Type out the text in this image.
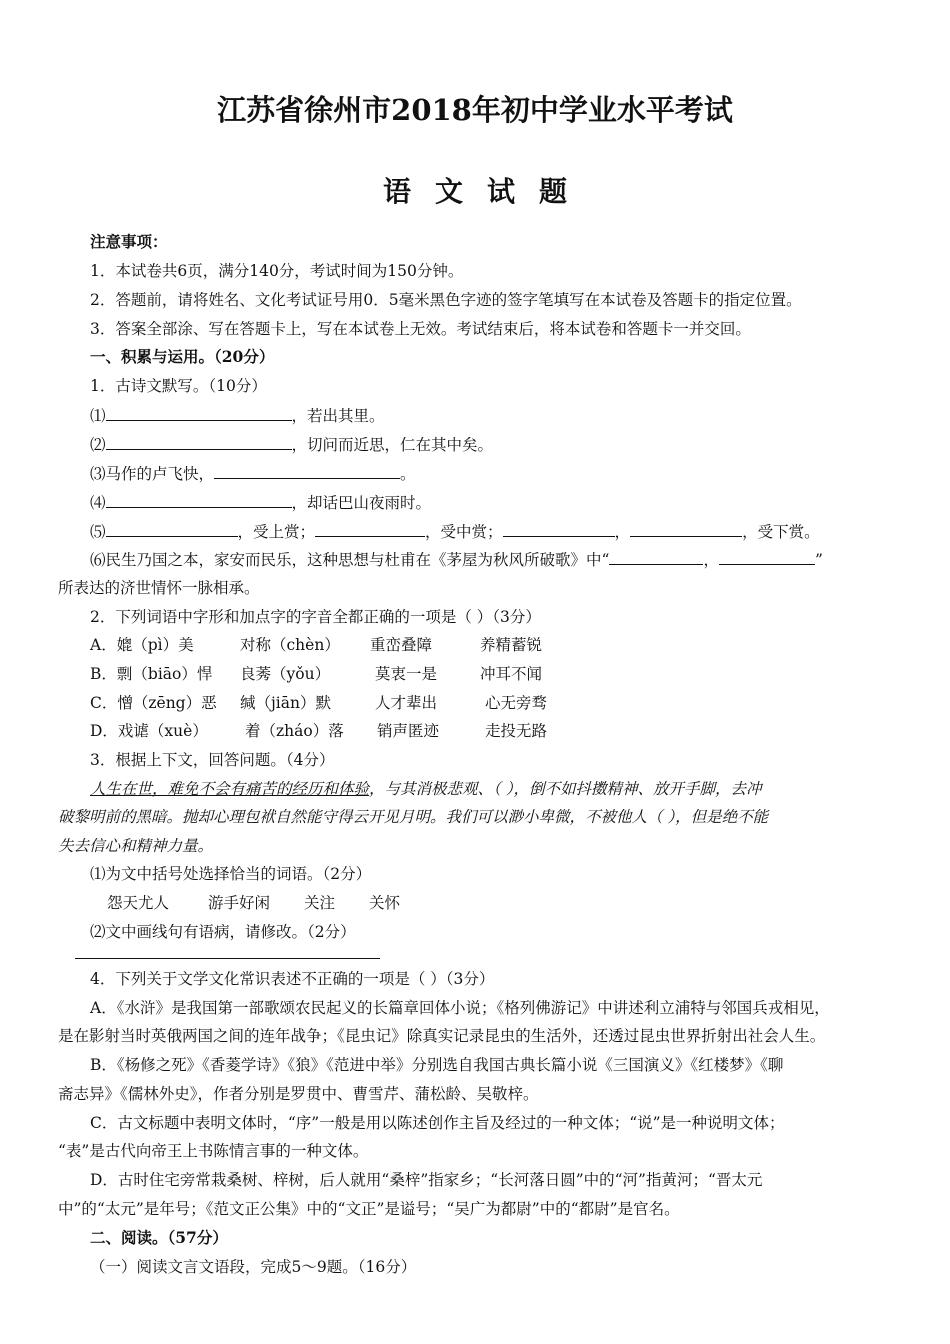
江苏省徐州市2018年初中学业水平考试
语文试题
注意事项：
1．本试卷共6页，满分140分，考试时间为150分钟。
2．答题前，请将姓名、文化考试证号用0．5毫米黑色字迹的签字笔填写在本试卷及答题卡的指定位置。
3．答案全部涂、写在答题卡上，写在本试卷上无效。考试结束后，将本试卷和答题卡一并交回。
一、积累与运用。（20分）
1．古诗文默写。（10分）
⑴	，若出其里。
⑵	，切问而近思，仁在其中矣。
⑶马作的卢飞快，	。
⑷	，却话巴山夜雨时。
⑸	，受上赏；	，受中赏；	，	，受下赏。
⑹民生乃国之本，家安而民乐，这种思想与杜甫在《茅屋为秋风所破歌》中“	，	”
所表达的济世情怀一脉相承。
2．下列词语中字形和加点字的字音全都正确的一项是（ ）（3分）
A．媲（pì）美	对称（chèn） 重峦叠障	养精蓄锐
B．剽（biāo）悍 良莠（yǒu）	莫衷一是	冲耳不闻
C．憎（zēng）恶 缄（jiān）默	人才辈出	心无旁骛
D．戏谑（xuè） 着（zháo）落 销声匿迹	走投无路
3．根据上下文，回答问题。（4分）
人生在世，难免不会有痛苦的经历和体验，与其消极悲观、（ ），倒不如抖擞精神、放开手脚，去冲
破黎明前的黑暗。抛却心理包袱自然能守得云开见月明。我们可以渺小卑微，不被他人（ ），但是绝不能
失去信心和精神力量。
⑴为文中括号处选择恰当的词语。（2分）
怨天尤人	游手好闲 关注 关怀
⑵文中画线句有语病，请修改。（2分）
4．下列关于文学文化常识表述不正确的一项是（ ）（3分）
A．《水浒》是我国第一部歌颂农民起义的长篇章回体小说；《格列佛游记》中讲述利立浦特与邻国兵戎相见，
是在影射当时英俄两国之间的连年战争；《昆虫记》除真实记录昆虫的生活外，还透过昆虫世界折射出社会人生。
B．《杨修之死》《香菱学诗》《狼》《范进中举》分别选自我国古典长篇小说《三国演义》《红楼梦》《聊
斋志异》《儒林外史》，作者分别是罗贯中、曹雪芹、蒲松龄、吴敬梓。
C．古文标题中表明文体时，“序”一般是用以陈述创作主旨及经过的一种文体；“说”是一种说明文体；
“表”是古代向帝王上书陈情言事的一种文体。
D．古时住宅旁常栽桑树、梓树，后人就用“桑梓”指家乡；“长河落日圆”中的“河”指黄河；“晋太元
中”的“太元”是年号；《范文正公集》中的“文正”是谥号；“吴广为都尉”中的“都尉”是官名。
二、阅读。（57分）
（一）阅读文言文语段，完成5～9题。（16分）
